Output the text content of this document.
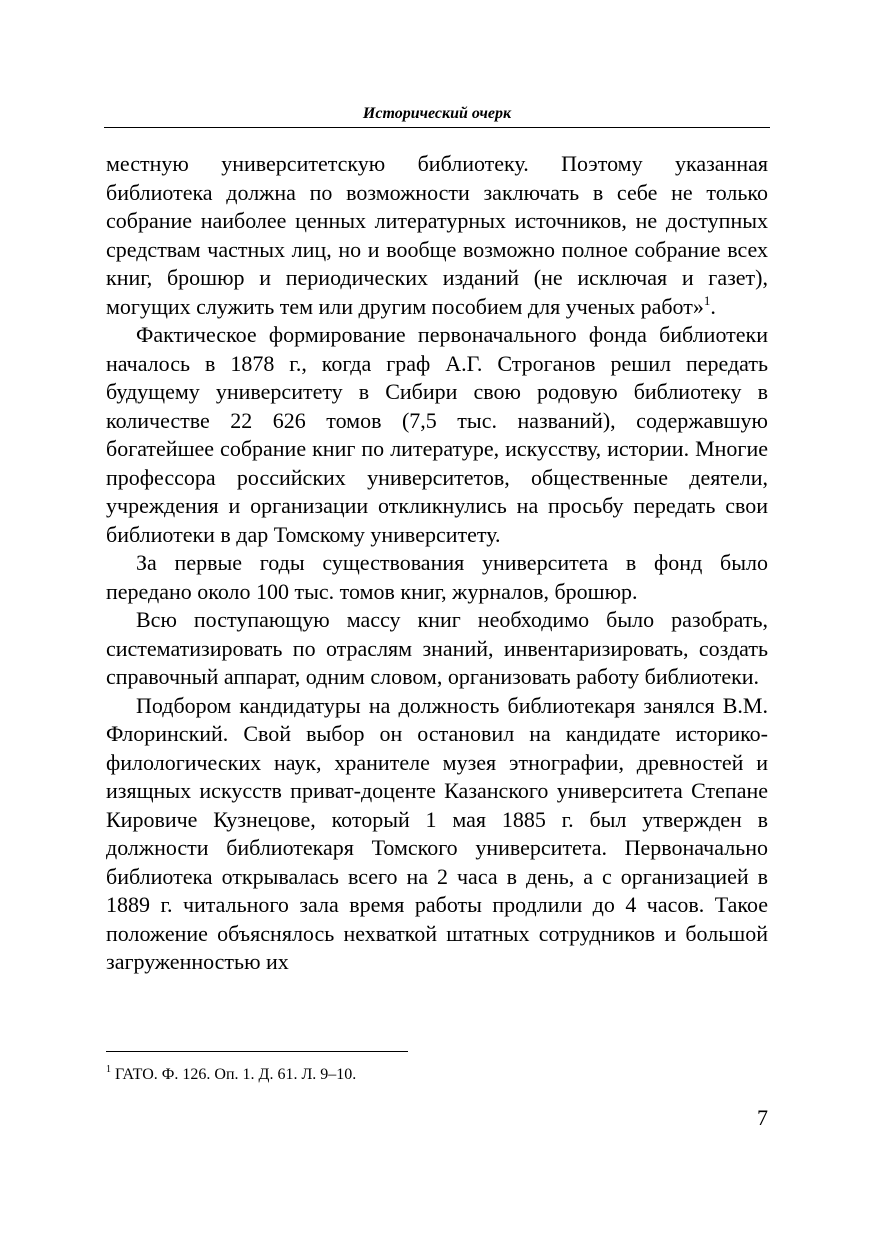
Исторический очерк

местную университетскую библиотеку. Поэтому указанная библиотека должна по возможности заключать в себе не только собрание наиболее ценных литературных источников, не доступных средствам частных лиц, но и вообще возможно полное собрание всех книг, брошюр и периодических изданий (не исключая и газет), могущих служить тем или другим пособием для ученых работ»$^1$.

Фактическое формирование первоначального фонда библиотеки началось в 1878 г., когда граф А.Г. Строганов решил передать будущему университету в Сибири свою родовую библиотеку в количестве 22 626 томов (7,5 тыс. названий), содержавшую богатейшее собрание книг по литературе, искусству, истории. Многие профессора российских университетов, общественные деятели, учреждения и организации откликнулись на просьбу передать свои библиотеки в дар Томскому университету.

За первые годы существования университета в фонд было передано около 100 тыс. томов книг, журналов, брошюр.

Всю поступающую массу книг необходимо было разобрать, систематизировать по отраслям знаний, инвентаризировать, создать справочный аппарат, одним словом, организовать работу библиотеки.

Подбором кандидатуры на должность библиотекаря занялся В.М. Флоринский. Свой выбор он остановил на кандидате историко-филологических наук, хранителе музея этнографии, древностей и изящных искусств приват-доценте Казанского университета Степане Кировиче Кузнецове, который 1 мая 1885 г. был утвержден в должности библиотекаря Томского университета. Первоначально библиотека открывалась всего на 2 часа в день, а с организацией в 1889 г. читального зала время работы продлили до 4 часов. Такое положение объяснялось нехваткой штатных сотрудников и большой загруженностью их

$^1$ ГАТО. Ф. 126. Оп. 1. Д. 61. Л. 9–10.
7
